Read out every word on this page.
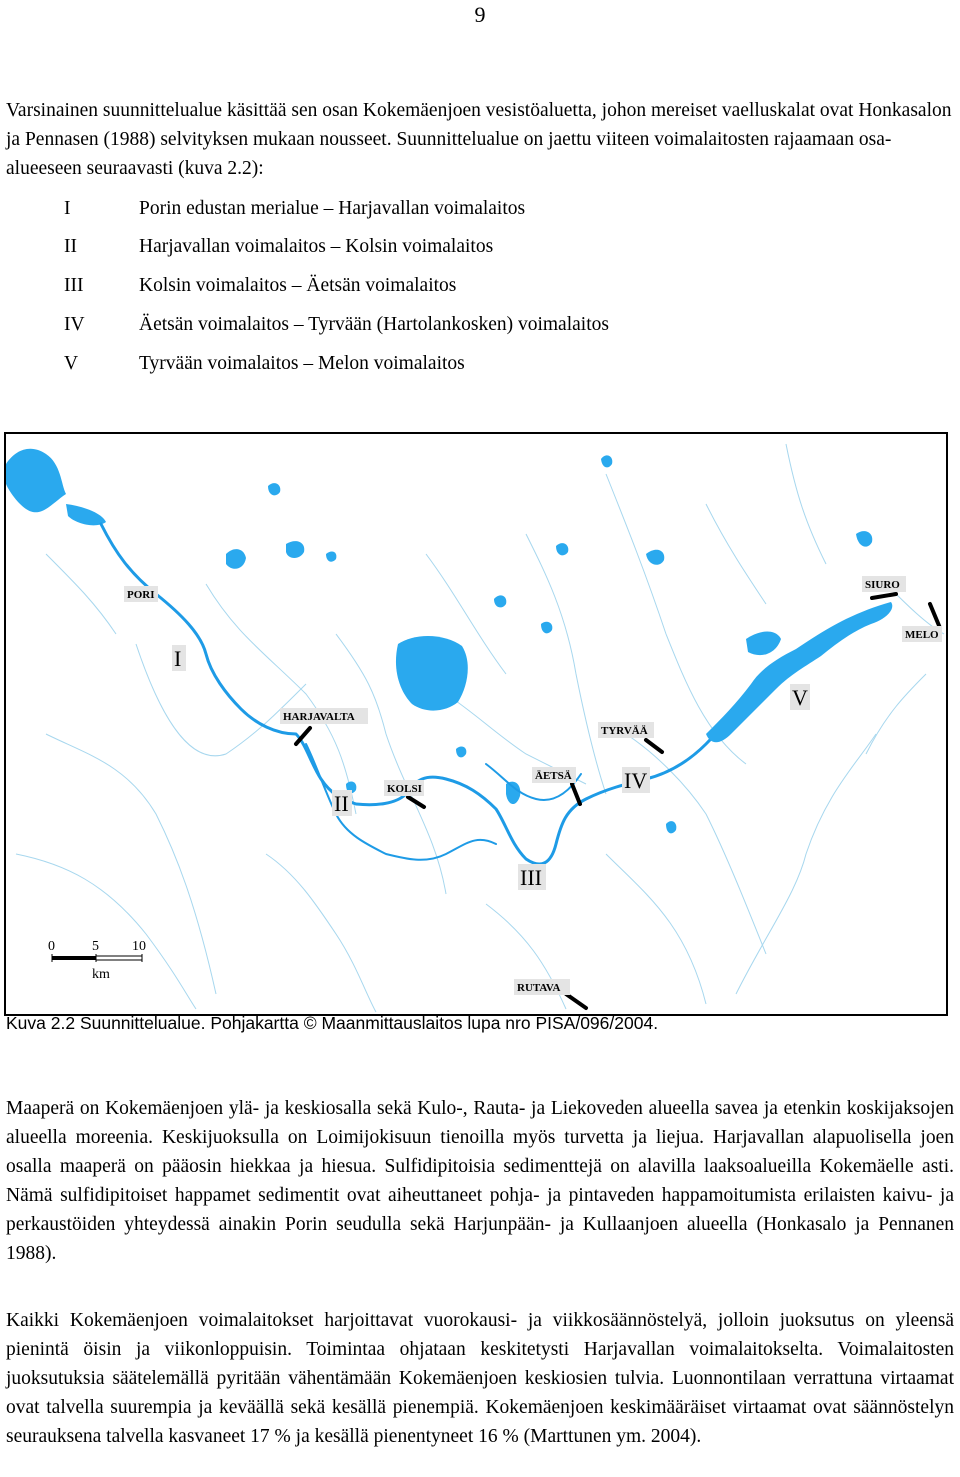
9

Varsinainen suunnittelualue käsittää sen osan Kokemäenjoen vesistöaluetta, johon mereiset vaelluskalat ovat Honkasalon ja Pennasen (1988) selvityksen mukaan nousseet. Suunnittelualue on jaettu viiteen voimalaitosten rajaamaan osa-alueeseen seuraavasti (kuva 2.2):

I	Porin edustan merialue – Harjavallan voimalaitos
II	Harjavallan voimalaitos – Kolsin voimalaitos
III	Kolsin voimalaitos – Äetsän voimalaitos
IV	Äetsän voimalaitos – Tyrvään (Hartolankosken) voimalaitos
V	Tyrvään voimalaitos – Melon voimalaitos
PORI
SIURO
MELO
HARJAVALTA
TYRVÄÄ
KOLSI
ÄETSÄ
RUTAVA
I
II
III
IV
V
0	5 10
km
Kuva 2.2 Suunnittelualue. Pohjakartta © Maanmittauslaitos lupa nro PISA/096/2004.

Maaperä on Kokemäenjoen ylä- ja keskiosalla sekä Kulo-, Rauta- ja Liekoveden alueella savea ja etenkin koskijaksojen alueella moreenia. Keskijuoksulla on Loimijokisuun tienoilla myös turvetta ja liejua. Harjavallan alapuolisella joen osalla maaperä on pääosin hiekkaa ja hiesua. Sulfidipitoisia sedimenttejä on alavilla laaksoalueilla Kokemäelle asti. Nämä sulfidipitoiset happamet sedimentit ovat aiheuttaneet pohja- ja pintaveden happamoitumista erilaisten kaivu- ja perkaustöiden yhteydessä ainakin Porin seudulla sekä Harjunpään- ja Kullaanjoen alueella (Honkasalo ja Pennanen 1988).

Kaikki Kokemäenjoen voimalaitokset harjoittavat vuorokausi- ja viikkosäännöstelyä, jolloin juoksutus on yleensä pienintä öisin ja viikonloppuisin. Toimintaa ohjataan keskitetysti Harjavallan voimalaitokselta. Voimalaitosten juoksutuksia säätelemällä pyritään vähentämään Kokemäenjoen keskiosien tulvia. Luonnontilaan verrattuna virtaamat ovat talvella suurempia ja keväällä sekä kesällä pienempiä. Kokemäenjoen keskimääräiset virtaamat ovat säännöstelyn seurauksena talvella kasvaneet 17 % ja kesällä pienentyneet 16 % (Marttunen ym. 2004).
